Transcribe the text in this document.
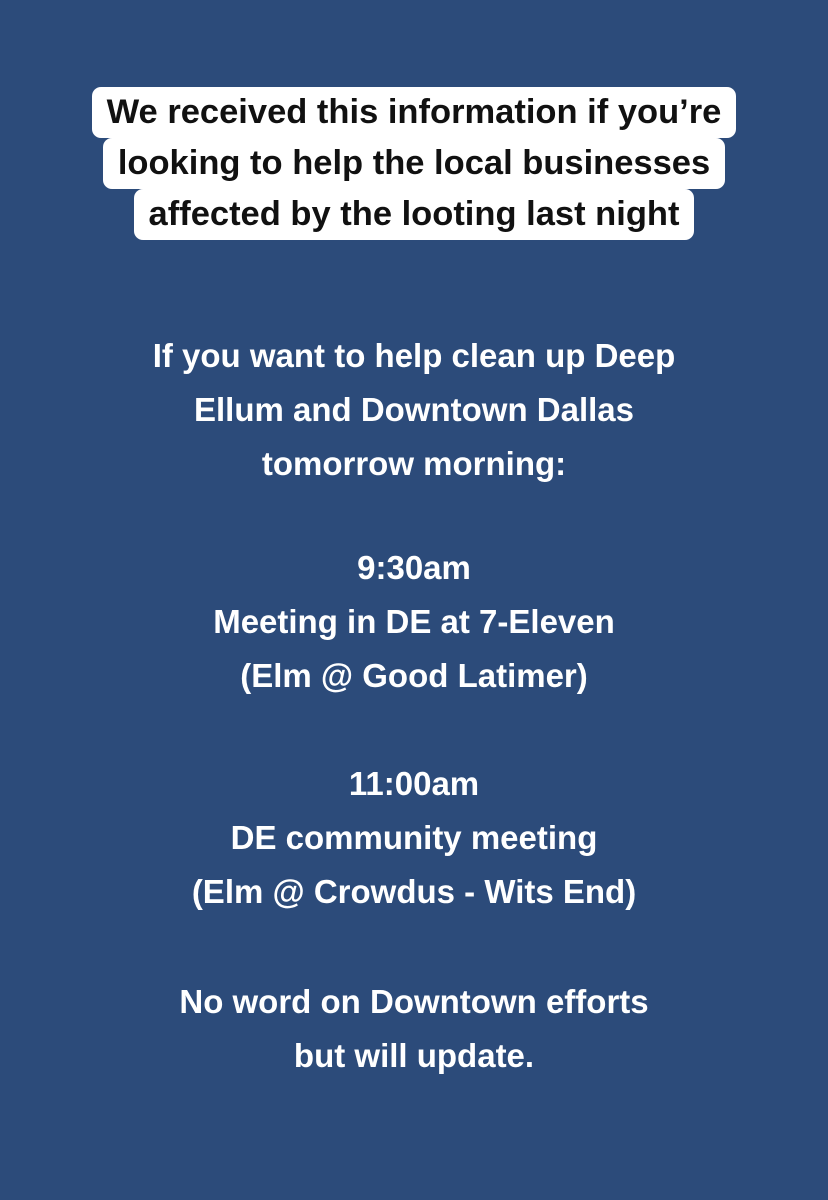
We received this information if you’re
looking to help the local businesses
affected by the looting last night
If you want to help clean up Deep
Ellum and Downtown Dallas
tomorrow morning:
9:30am
Meeting in DE at 7-Eleven
(Elm @ Good Latimer)
11:00am
DE community meeting
(Elm @ Crowdus - Wits End)
No word on Downtown efforts
but will update.
